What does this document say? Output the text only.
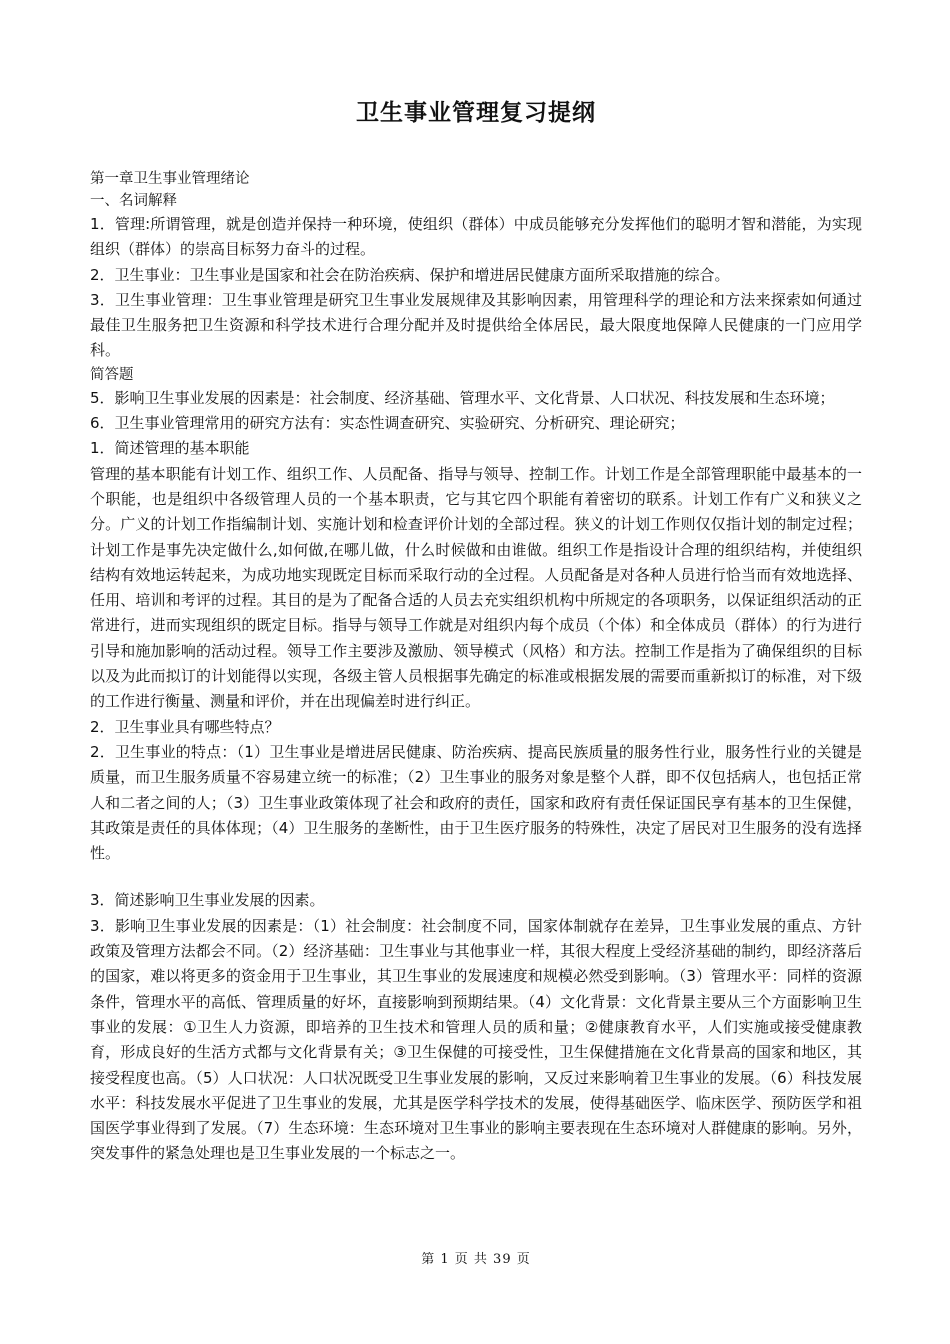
卫生事业管理复习提纲

第一章卫生事业管理绪论

一、名词解释

1．管理:所谓管理，就是创造并保持一种环境，使组织（群体）中成员能够充分发挥他们的聪明才智和潜能，为实现组织（群体）的崇高目标努力奋斗的过程。

2．卫生事业：卫生事业是国家和社会在防治疾病、保护和增进居民健康方面所采取措施的综合。

3．卫生事业管理：卫生事业管理是研究卫生事业发展规律及其影响因素，用管理科学的理论和方法来探索如何通过最佳卫生服务把卫生资源和科学技术进行合理分配并及时提供给全体居民，最大限度地保障人民健康的一门应用学科。

简答题

5．影响卫生事业发展的因素是：社会制度、经济基础、管理水平、文化背景、人口状况、科技发展和生态环境；

6．卫生事业管理常用的研究方法有：实态性调查研究、实验研究、分析研究、理论研究；

1．简述管理的基本职能

管理的基本职能有计划工作、组织工作、人员配备、指导与领导、控制工作。计划工作是全部管理职能中最基本的一个职能，也是组织中各级管理人员的一个基本职责，它与其它四个职能有着密切的联系。计划工作有广义和狭义之分。广义的计划工作指编制计划、实施计划和检查评价计划的全部过程。狭义的计划工作则仅仅指计划的制定过程；计划工作是事先决定做什么,如何做,在哪儿做，什么时候做和由谁做。组织工作是指设计合理的组织结构，并使组织结构有效地运转起来，为成功地实现既定目标而采取行动的全过程。人员配备是对各种人员进行恰当而有效地选择、任用、培训和考评的过程。其目的是为了配备合适的人员去充实组织机构中所规定的各项职务，以保证组织活动的正常进行，进而实现组织的既定目标。指导与领导工作就是对组织内每个成员（个体）和全体成员（群体）的行为进行引导和施加影响的活动过程。领导工作主要涉及激励、领导模式（风格）和方法。控制工作是指为了确保组织的目标以及为此而拟订的计划能得以实现，各级主管人员根据事先确定的标准或根据发展的需要而重新拟订的标准，对下级的工作进行衡量、测量和评价，并在出现偏差时进行纠正。

2．卫生事业具有哪些特点？

2．卫生事业的特点：（1）卫生事业是增进居民健康、防治疾病、提高民族质量的服务性行业，服务性行业的关键是质量，而卫生服务质量不容易建立统一的标准；（2）卫生事业的服务对象是整个人群，即不仅包括病人，也包括正常人和二者之间的人；（3）卫生事业政策体现了社会和政府的责任，国家和政府有责任保证国民享有基本的卫生保健，其政策是责任的具体体现；（4）卫生服务的垄断性，由于卫生医疗服务的特殊性，决定了居民对卫生服务的没有选择性。

3．简述影响卫生事业发展的因素。

3．影响卫生事业发展的因素是：（1）社会制度：社会制度不同，国家体制就存在差异，卫生事业发展的重点、方针政策及管理方法都会不同。（2）经济基础：卫生事业与其他事业一样，其很大程度上受经济基础的制约，即经济落后的国家，难以将更多的资金用于卫生事业，其卫生事业的发展速度和规模必然受到影响。（3）管理水平：同样的资源条件，管理水平的高低、管理质量的好坏，直接影响到预期结果。（4）文化背景：文化背景主要从三个方面影响卫生事业的发展：①卫生人力资源，即培养的卫生技术和管理人员的质和量；②健康教育水平，人们实施或接受健康教育，形成良好的生活方式都与文化背景有关；③卫生保健的可接受性，卫生保健措施在文化背景高的国家和地区，其接受程度也高。（5）人口状况：人口状况既受卫生事业发展的影响，又反过来影响着卫生事业的发展。（6）科技发展水平：科技发展水平促进了卫生事业的发展，尤其是医学科学技术的发展，使得基础医学、临床医学、预防医学和祖国医学事业得到了发展。（7）生态环境：生态环境对卫生事业的影响主要表现在生态环境对人群健康的影响。另外，突发事件的紧急处理也是卫生事业发展的一个标志之一。

第 1 页 共 39 页
